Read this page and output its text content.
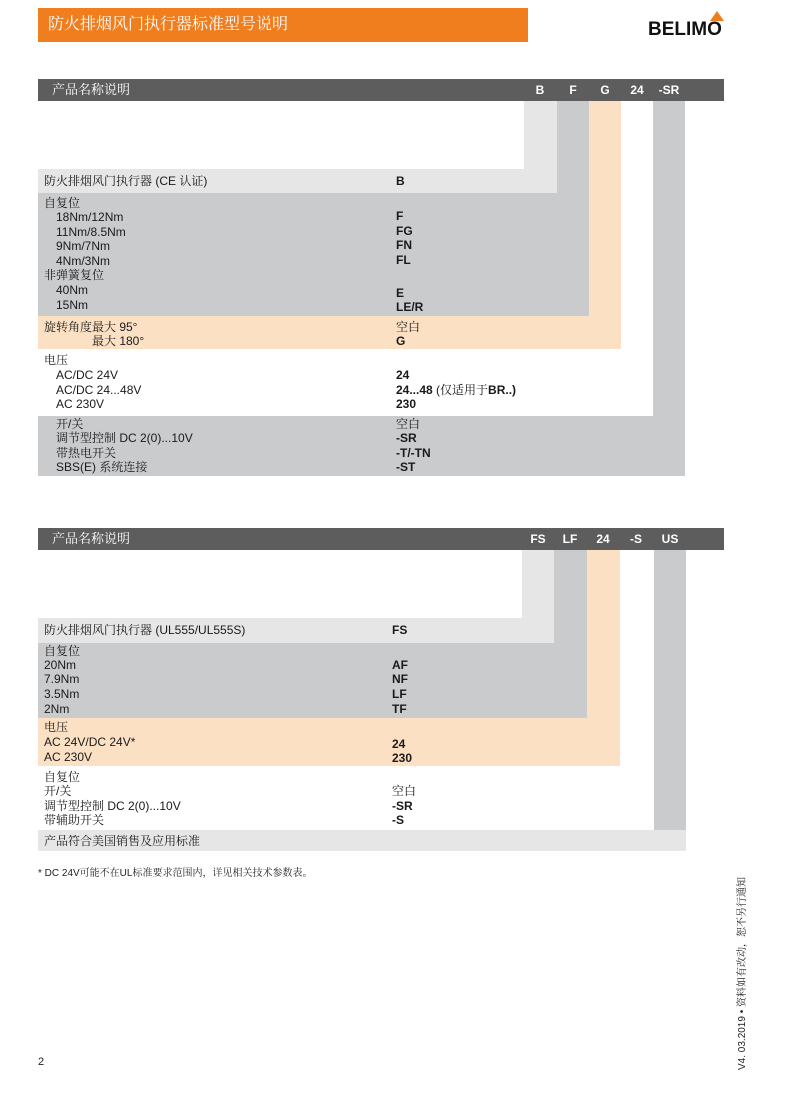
防火排烟风门执行器标准型号说明	BELIMO
产品名称说明	B	F	G	24	-SR
防火排烟风门执行器 (CE 认证)	B
自复位
18Nm/12Nm	F
11Nm/8.5Nm	FG
9Nm/7Nm	FN
4Nm/3Nm	FL
非弹簧复位
40Nm	E
15Nm	LE/R
旋转角度最大 95°	空白
最大 180°	G
电压
AC/DC 24V	24
AC/DC 24...48V	24...48 (仅适用于BR..)
AC 230V	230
开/关	空白
调节型控制 DC 2(0)...10V	-SR
带热电开关	-T/-TN
SBS(E) 系统连接	-ST
产品名称说明	FS	LF	24	-S	US
防火排烟风门执行器 (UL555/UL555S)	FS
自复位
20Nm	AF
7.9Nm	NF
3.5Nm	LF
2Nm	TF
电压
AC 24V/DC 24V*	24
AC 230V	230
自复位
开/关	空白
调节型控制 DC 2(0)...10V	-SR
带辅助开关	-S
产品符合美国销售及应用标准
* DC 24V可能不在UL标准要求范围内，详见相关技术参数表。
2	V4. 03.2019 • 资料如有改动，恕不另行通知
